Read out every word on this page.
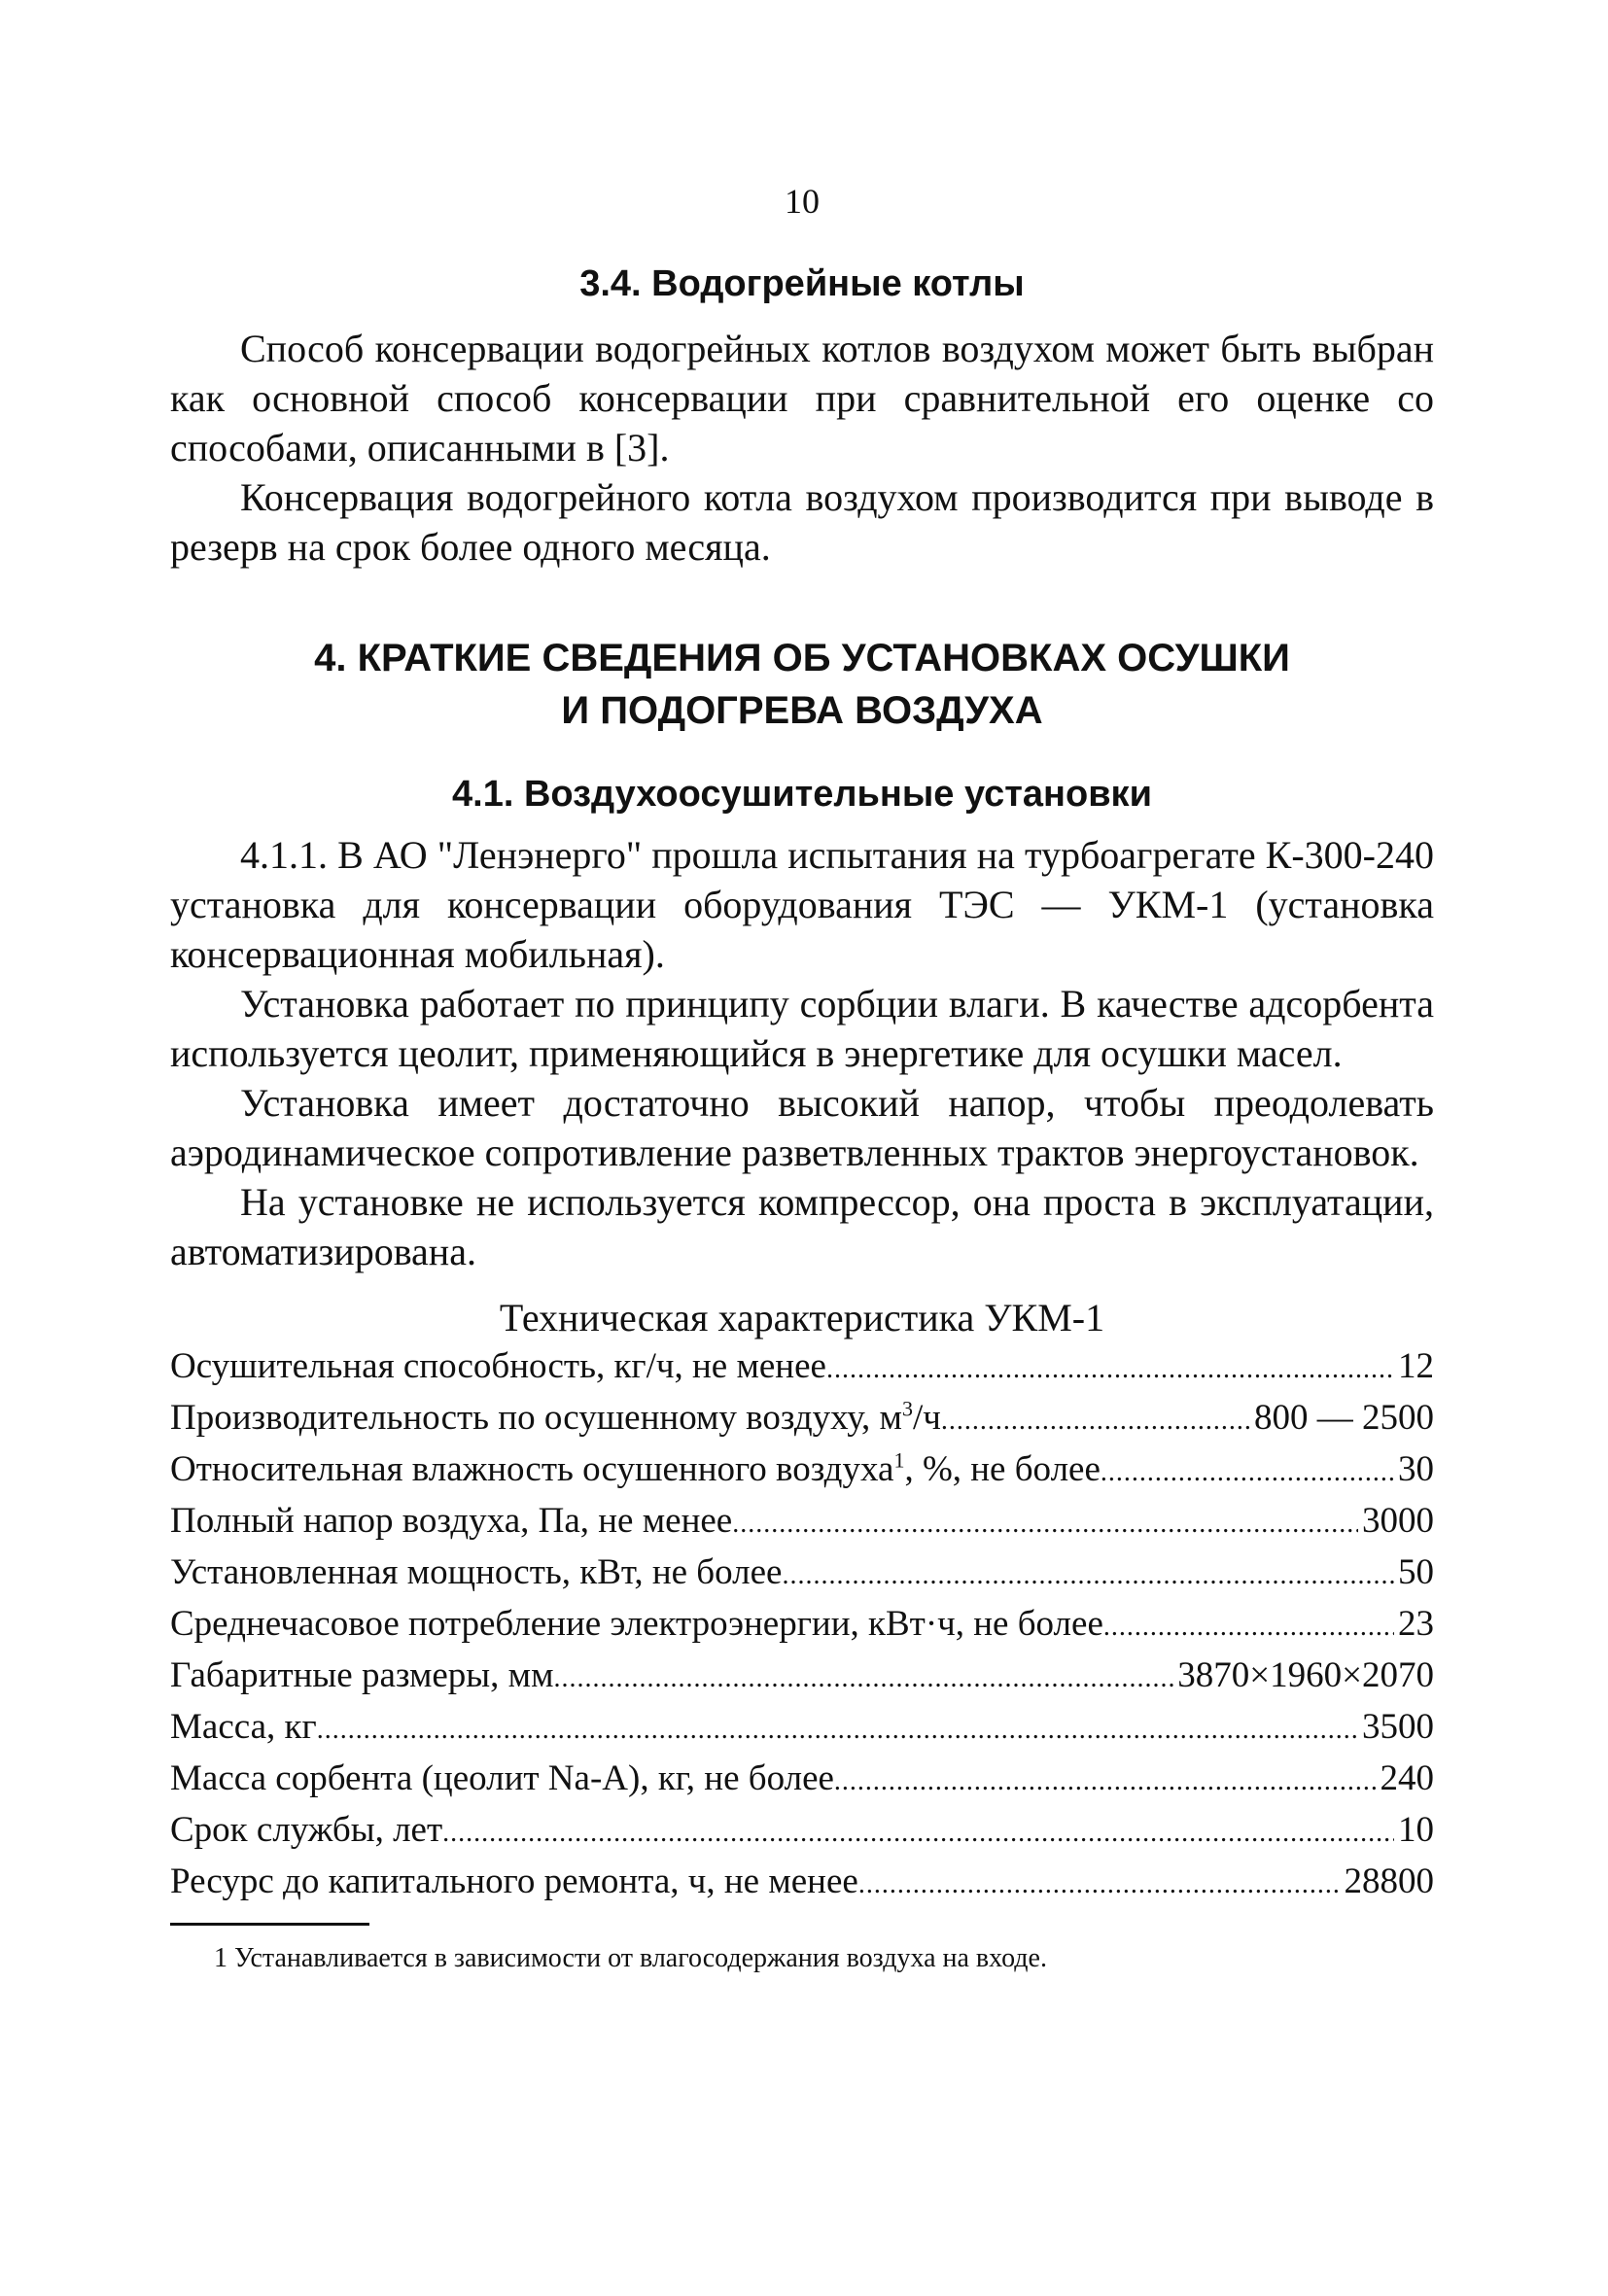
10
3.4. Водогрейные котлы

Способ консервации водогрейных котлов воздухом может быть выбран как основной способ консервации при сравнительной его оценке со способами, описанными в [3].

Консервация водогрейного котла воздухом производится при выводе в резерв на срок более одного месяца.

4. КРАТКИЕ СВЕДЕНИЯ ОБ УСТАНОВКАХ ОСУШКИ
И ПОДОГРЕВА ВОЗДУХА
4.1. Воздухоосушительные установки

4.1.1. В АО "Ленэнерго" прошла испытания на турбоагрегате К-300-240 установка для консервации оборудования ТЭС — УКМ-1 (установка консервационная мобильная).

Установка работает по принципу сорбции влаги. В качестве адсорбента используется цеолит, применяющийся в энергетике для осушки масел.

Установка имеет достаточно высокий напор, чтобы преодолевать аэродинамическое сопротивление разветвленных трактов энергоустановок.

На установке не используется компрессор, она проста в эксплуатации, автоматизирована.

Техническая характеристика УКМ-1
Осушительная способность, кг/ч, не менее .....	12
Производительность по осушенному воздуху, $м^3/ч$ .....	800 — 2500
Относительная влажность осушенного воздуха$^1$, %, не более .....	30
Полный напор воздуха, Па, не менее .....	3000
Установленная мощность, кВт, не более .....	50
Среднечасовое потребление электроэнергии, кВт·ч, не более .....	23
Габаритные размеры, мм .....	3870×1960×2070
Масса, кг .....	3500
Масса сорбента (цеолит Na-A), кг, не более .....	240
Срок службы, лет .....	10
Ресурс до капитального ремонта, ч, не менее .....	28800

1 Устанавливается в зависимости от влагосодержания воздуха на входе.
